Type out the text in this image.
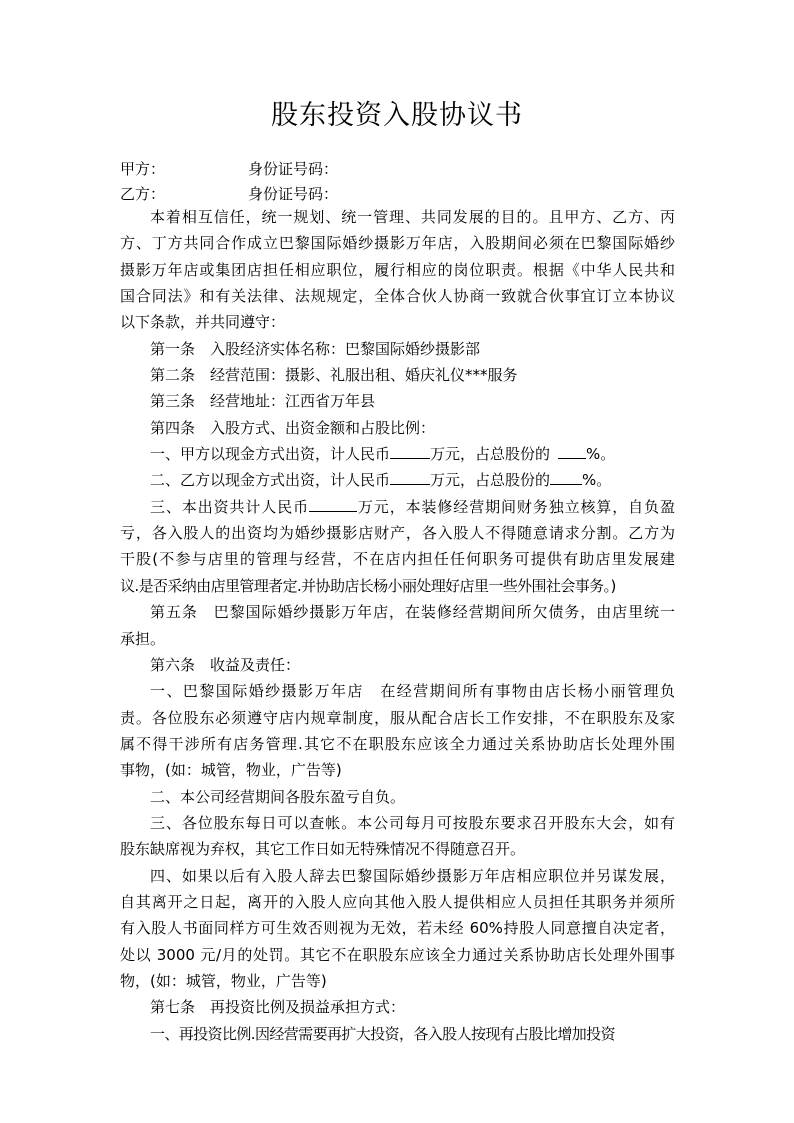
股东投资入股协议书
甲方：	身份证号码：
乙方：	身份证号码：

本着相互信任，统一规划、统一管理、共同发展的目的。且甲方、乙方、丙

方、丁方共同合作成立巴黎国际婚纱摄影万年店，入股期间必须在巴黎国际婚纱

摄影万年店或集团店担任相应职位，履行相应的岗位职责。根据《中华人民共和

国合同法》和有关法律、法规规定，全体合伙人协商一致就合伙事宜订立本协议

以下条款，并共同遵守：

第一条　入股经济实体名称：巴黎国际婚纱摄影部

第二条　经营范围：摄影、礼服出租、婚庆礼仪***服务

第三条　经营地址：江西省万年县

第四条　入股方式、出资金额和占股比例：

一、甲方以现金方式出资，计人民币	万元，占总股份的 %。

二、乙方以现金方式出资，计人民币	万元，占总股份的 %。

三、本出资共计人民币	万元，本装修经营期间财务独立核算，自负盈

亏，各入股人的出资均为婚纱摄影店财产，各入股人不得随意请求分割。乙方为

干股(不参与店里的管理与经营，不在店内担任任何职务可提供有助店里发展建

议.是否采纳由店里管理者定.并协助店长杨小丽处理好店里一些外围社会事务。)

第五条　巴黎国际婚纱摄影万年店，在装修经营期间所欠债务，由店里统一

承担。

第六条　收益及责任：

一、巴黎国际婚纱摄影万年店　在经营期间所有事物由店长杨小丽管理负

责。各位股东必须遵守店内规章制度，服从配合店长工作安排，不在职股东及家

属不得干涉所有店务管理.其它不在职股东应该全力通过关系协助店长处理外围

事物，(如：城管，物业，广告等)

二、本公司经营期间各股东盈亏自负。

三、各位股东每日可以查帐。本公司每月可按股东要求召开股东大会，如有

股东缺席视为弃权，其它工作日如无特殊情况不得随意召开。

四、如果以后有入股人辞去巴黎国际婚纱摄影万年店相应职位并另谋发展，

自其离开之日起，离开的入股人应向其他入股人提供相应人员担任其职务并须所

有入股人书面同样方可生效否则视为无效，若未经 60%持股人同意擅自决定者，

处以 3000 元/月的处罚。其它不在职股东应该全力通过关系协助店长处理外围事

物，(如：城管，物业，广告等)

第七条　再投资比例及损益承担方式：

一、再投资比例.因经营需要再扩大投资，各入股人按现有占股比增加投资
